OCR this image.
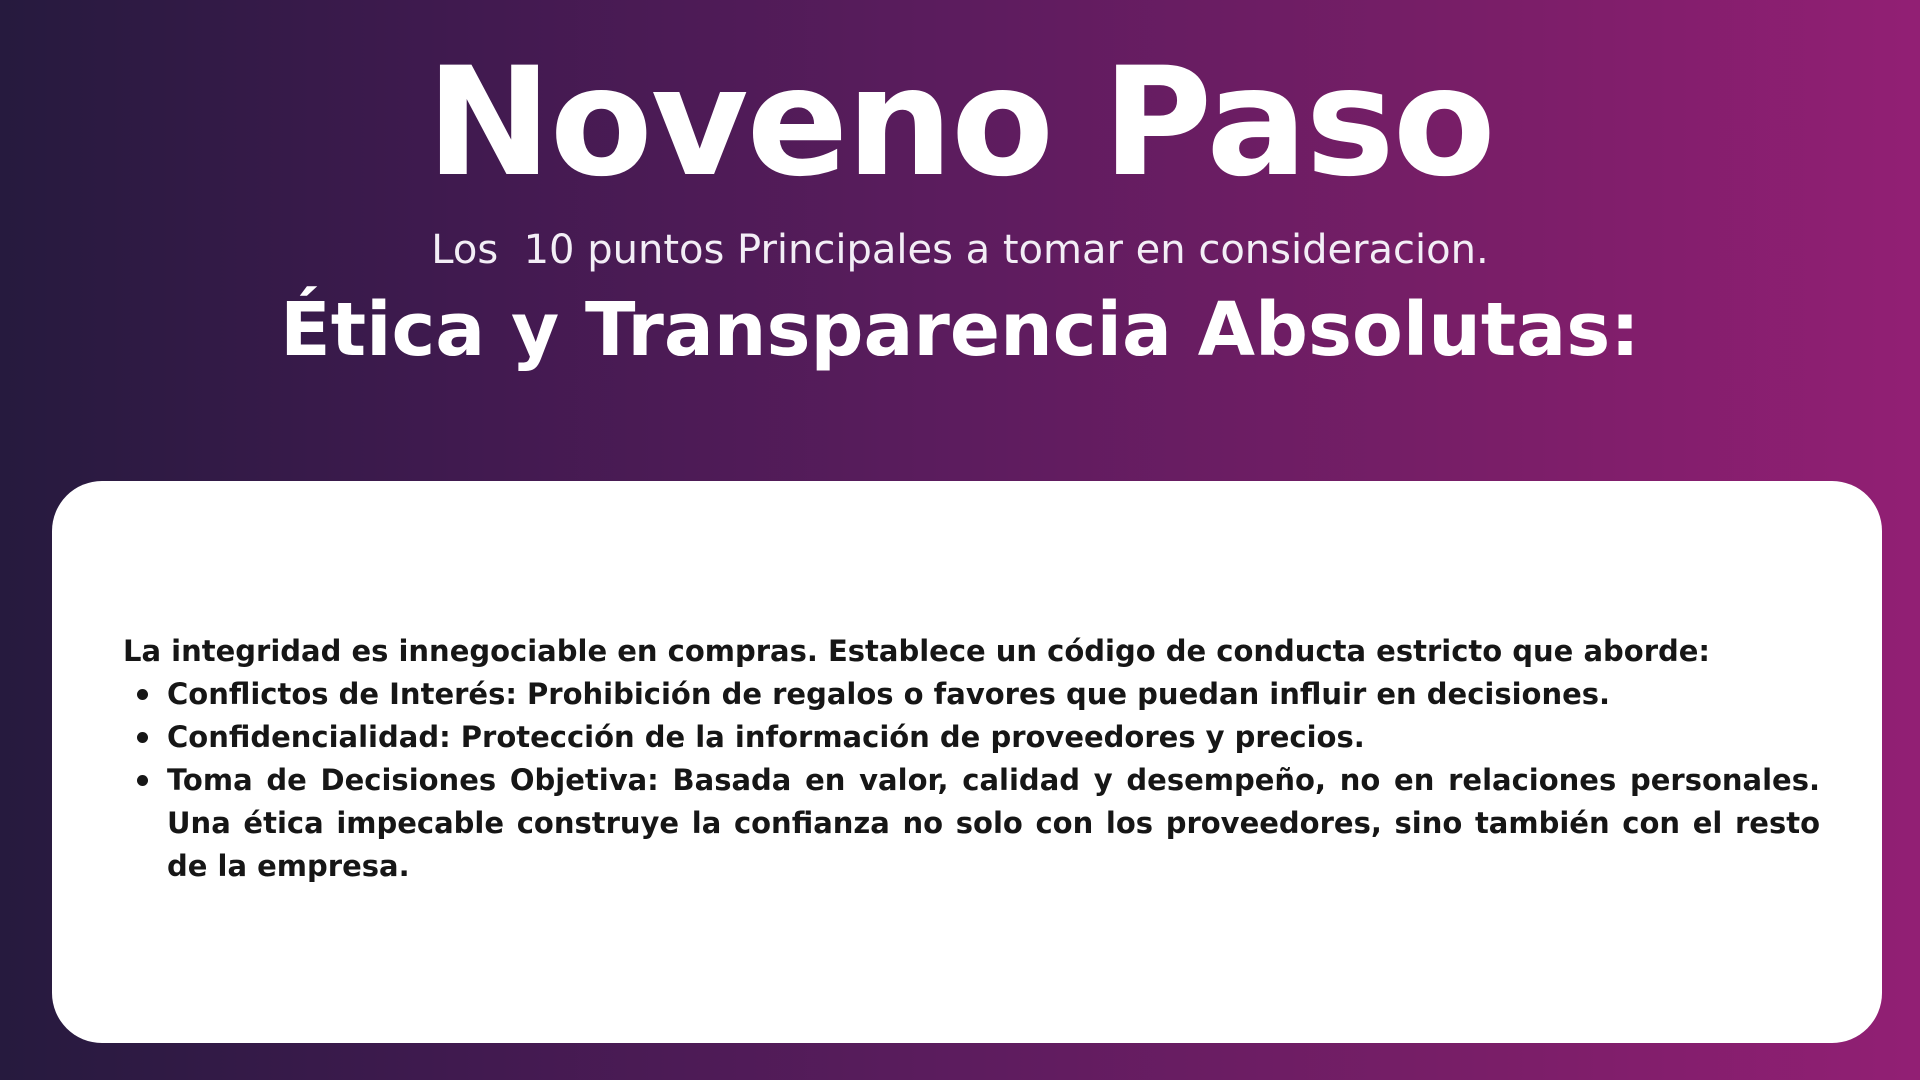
Noveno Paso

Los  10 puntos Principales a tomar en consideracion.

Ética y Transparencia Absolutas:

La integridad es innegociable en compras. Establece un código de conducta estricto que aborde:

Conflictos de Interés: Prohibición de regalos o favores que puedan influir en decisiones.
Confidencialidad: Protección de la información de proveedores y precios.
Toma de Decisiones Objetiva: Basada en valor, calidad y desempeño, no en relaciones personales. Una ética impecable construye la confianza no solo con los proveedores, sino también con el resto de la empresa.
